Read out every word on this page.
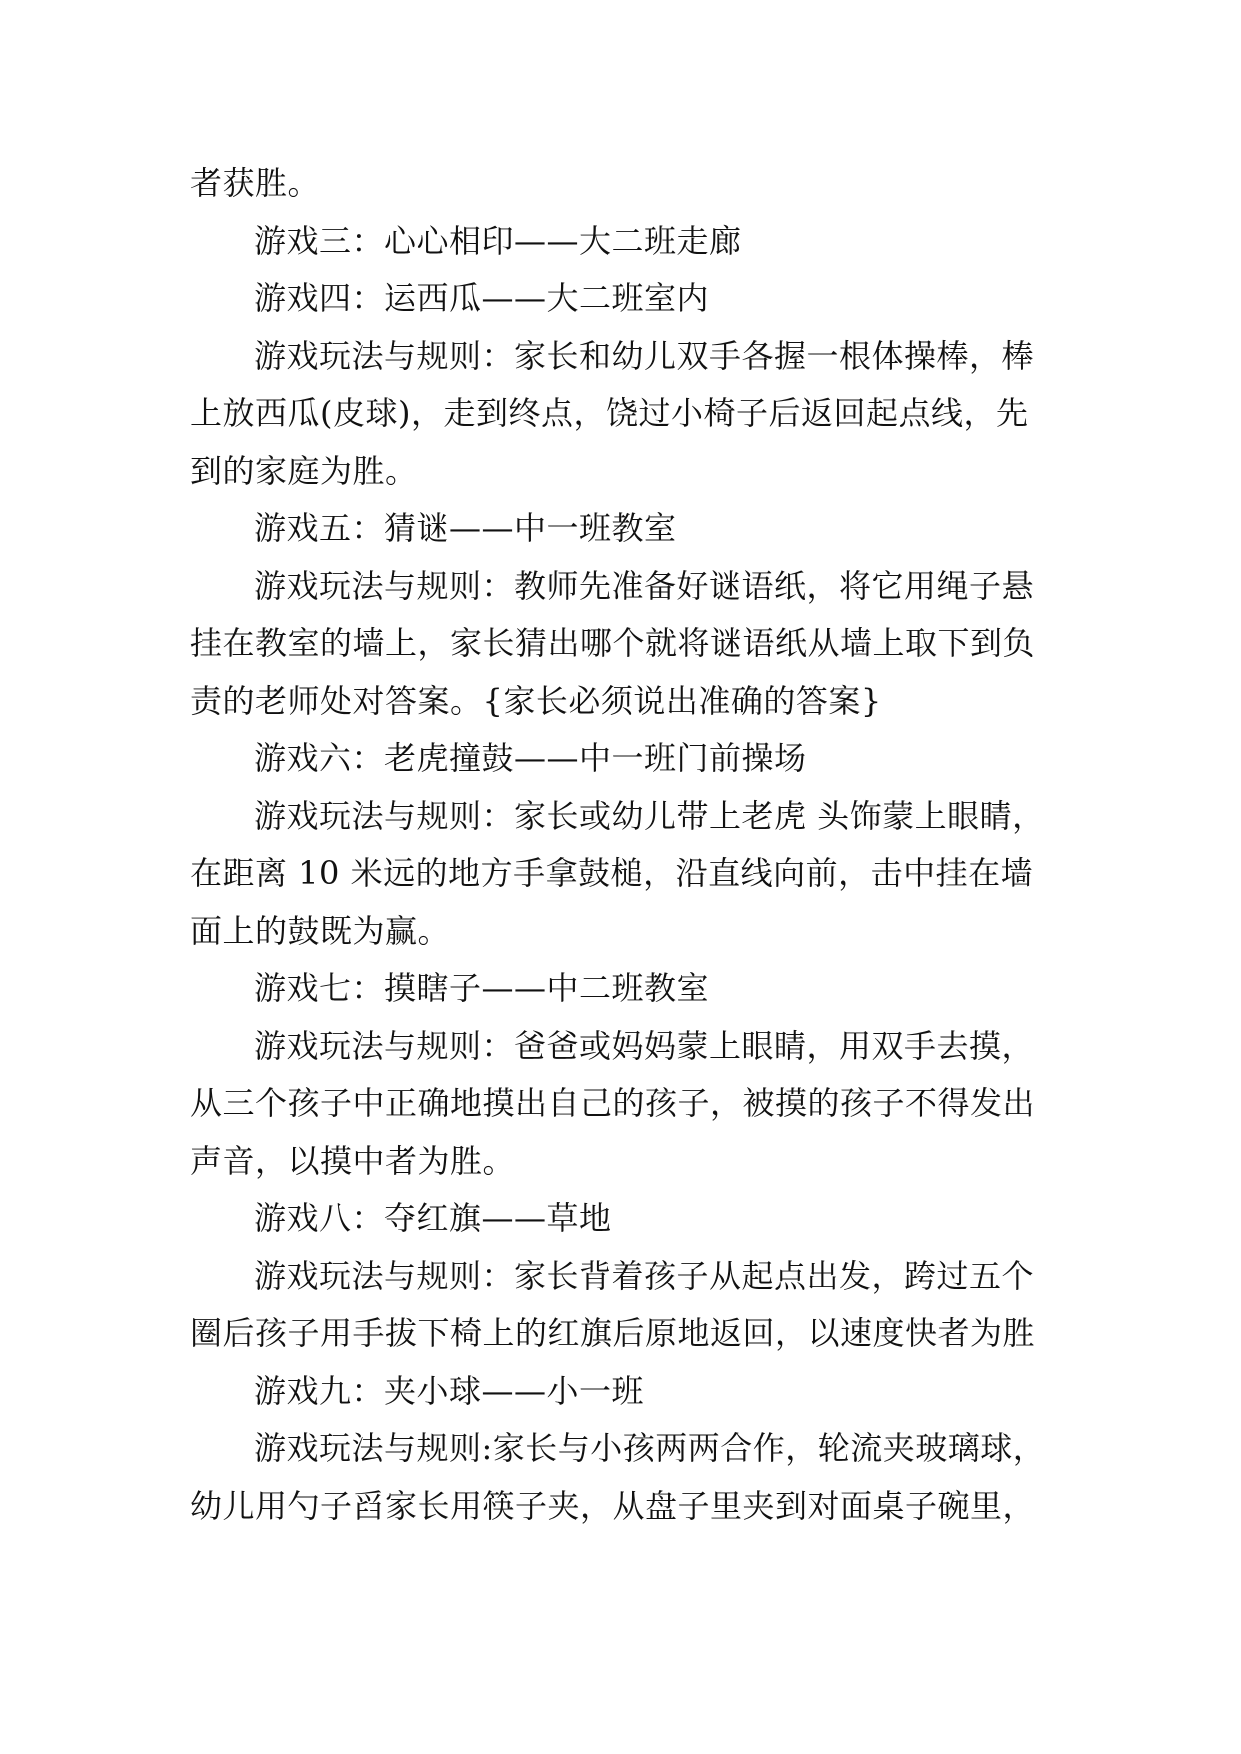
者获胜。
游戏三：心心相印——大二班走廊
游戏四：运西瓜——大二班室内
游戏玩法与规则：家长和幼儿双手各握一根体操棒，棒
上放西瓜(皮球)，走到终点，饶过小椅子后返回起点线，先
到的家庭为胜。
游戏五：猜谜——中一班教室
游戏玩法与规则：教师先准备好谜语纸，将它用绳子悬
挂在教室的墙上，家长猜出哪个就将谜语纸从墙上取下到负
责的老师处对答案。{家长必须说出准确的答案}
游戏六：老虎撞鼓——中一班门前操场
游戏玩法与规则：家长或幼儿带上老虎 头饰蒙上眼睛，
在距离 10 米远的地方手拿鼓槌，沿直线向前，击中挂在墙
面上的鼓既为赢。
游戏七：摸瞎子——中二班教室
游戏玩法与规则：爸爸或妈妈蒙上眼睛，用双手去摸，
从三个孩子中正确地摸出自己的孩子，被摸的孩子不得发出
声音，以摸中者为胜。
游戏八：夺红旗——草地
游戏玩法与规则：家长背着孩子从起点出发，跨过五个
圈后孩子用手拔下椅上的红旗后原地返回，以速度快者为胜
游戏九：夹小球——小一班
游戏玩法与规则:家长与小孩两两合作，轮流夹玻璃球，
幼儿用勺子舀家长用筷子夹，从盘子里夹到对面桌子碗里，
